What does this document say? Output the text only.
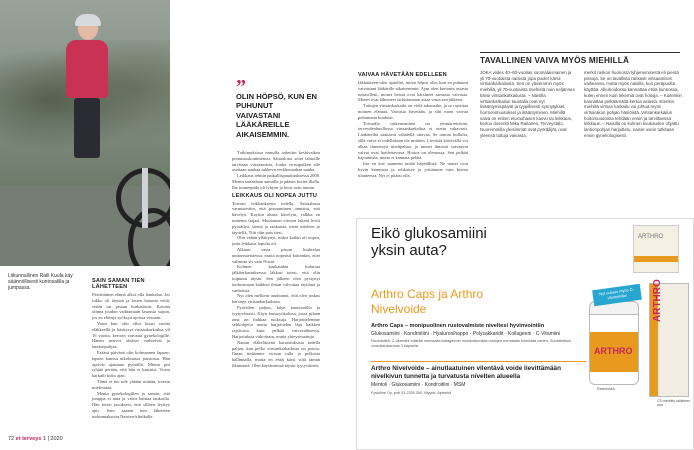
Liikunnallinen Raili Kuula käy säännöllisesti kuntosalilla ja jumpassa.
SAIN SAMAN TIEN LÄHETTEEN

Päivittäinen elämä alkoi olla hankalaa. Jos rukko oli täynnä ja lasten hanasta vettä, seisin sat pisaan kurkattavat. Kotona olinna joudun vaihtamaan lasausia sujuin, jos en ehtinyt syöksyä ajoissa vessaan.

Vasta kun olin ollut kuusi vuotta eläkkeellä ja käsitysyt virtsankarkailua yli 16 vuotta, kerroin vaivasta gynekologille. Hänen neuvot alukset vaihtoivat ja lantionpohjaa.

Erääsä päivänä olin kolmannen lapsen-lapsen kanssa uikolmassa puistossa. Hän oprivät ajamaan pyörällä. Minun piti tyhjää perään, että hän ei kaatuisi. Virtsa karkaili koko ajan.

Tämä ei tuo tule yhtään mitään, totesin mielessäni.

Menin gynekologillen ja sanoin, että jumppa ei auta ja vaiva haittaa taukoilla. Hän totesi jaouksesi, että sillävn leyttyy apu. Sain saman tien lähetteen turkinmaksutta Naisten-klinikalle.

”
OLIN HÖPSÖ, KUN EN PUHUNUT VAIVASTANI LÄÄKÄREILLE AIKAISEMMIN.

Tutkimuksissa minulla todettiin keskivaikea ponnistuskontinenssi. Sairaaloiss sotoi lahtoille tarvitaan virtsaamista, Jonka virtsaputken alle asettaan nauhaa tukkeva verkkonauhan nauha.

Leikkaus tehtiin paikallispuudutuksessa 2008. Menin sairaalaan aamulla ja pääsin kotiin illalla. Ihe toimenpide oli lyhyen ja kesti noin tunnin.

LEIKKAUS OLI NOPEA JUTTU

Toivain leikkauksesta todella. Sairaalassa varmistettiin, että pissaaminen onnistui, että kävelyä. Kaytiin alusta kävelyin, valkka en tuntenut tarjasi. Muutaman vitosen lukeni leviti pyöräilyä, sieniä ja rankaisia, meni mieleen jo täyttellä, Tiiti olin pois tiesi.

Olin vähän yllättynyt, miksi kaikki oli nopea, juttu leikkaus lopulta oli.

Alkuun vasta pissan lirahtelua unitonnaettaessa, mutta nopeasti kuitenkin, ettei valmista sis vain Niistä.

Kolmen kuukauden kuluttua jälkitarkastuksessa läkkari totesi, että olin toipunut täysin. Sen jälkeen olen pystynyt tuohoamaan kaikkea ilman valvottaa täyttönä ja vanhoista.

Nyt olen melkein unohtanut, että olen joskus kärsinyt virtsankarkailusta.

Pyöräilen paljon, käyn kuntosalilla ja tyytyväisesti. Käyn kuntoyökalissa, jossa pilaan aina on tiukkaa tuoksuja. Harjoittelemme selikohjeita mutta harjoittelen läpi kaikkea rajoitusta kuin pelkää vaivavaiheessa. Harjoituksia viikoittain, mutta yhteysesaatuja.

Nautin eläkeläisenä harrastuksista todella paljon, kun pelko virtsankarkailusta on poissa. Ilman tiedämme virtsan tulla ja pelkosta hallinnalla, mutta en enää kärsi siitä tämän ilkinnastä. Olen käytännössä täysin tyytyväinen.

VAIVAA HÄVETÄÄN EDELLEEN

Iäkkääseen-olen ajatellut, miten höpsö olin, kun en puhunut vaivastani lääkärille aikaisemmin. Ajan olen kertonut asiasta tuttavilleni, monet heistä ovat kärsineet samasta vaivasta. Monet ovat lähteneet tarkistamaan asiaa vasta sen jälkeen.

Tuttujen virtsankarkailu on vielä tabuuaihe, ja se rajoittaa monien elämää. Vaivasta hävetään, ja silti moni vaivaa puhumatta kuuluisi.

Toivaalla vaikeneminen on ymmärrettävää, terveydenhuollossa virtsankarkailua ei otettu vakavasti. Lääkäreiltä saattavat vähätellä ottavaa, Se tuntuu hullulta, sillä vaiva ei todellakaan ole mitätön. Lievästä kärsivällä voi alkaa ilmeentyä mielipahaa, ja monet ihmisiä vaivaavat vaivat ovat hoidettavissa. Hoitoa on olemassa. Sen pelkää hajoamista, mutta ei kannata pelätä.

Itse en koe saaneeni mitää häpeällistä. Ne naiset ovat hyvin kunnossa ja rohkaisee ja yrittämme vain kertoa tilanteesta. Nyt ei pitäisi olla.

TAVALLINEN VAIVA MYÖS MIEHILLÄ
JOKA viides 40–60-vuotias suomalaisnainen ja yli 70-vuotiaista naisista jopa puolet kärsii virtsankarkailusta. Sen on yleisimmin myös miehillä, yli 70-vuotiaista miehistä noin neljännes kärsii virtsankarkailusta. – Naisilla virtsankarkailun taustalla ovat nyt lisääntymispäivät ja tyypillisesti synnytykset, hormonimuutokset ja ikääntyminen. Miehillä vaiva on eniten eturauhasen kasvu tai leikkaus, kertoo dosentti Mika Raitanen, Terveystalo. Nuoremmilla yleisimmät ovat pyöräilijät, ovat yleensä tuttuja vaivasta.
merkit raskon huonosta tyhjenemisestä eli pieniä pissoja. Se on tavallista rankasti virtsaamisen vaiheessa, mutta myös naisilla, kun peräpuolta käyttää. Alkuhoidossa kannattaa etsiä kunnossa, kuten ennen kuin tekemiä ovat hoitoja. – Kuitenkin kannattaa pelkäämättä kertoa asiasta. Etenkin miehillä virtsan karkailu voi johtua myös virtsarakon pohjan häiriöistä. Virtsankarkailun hoitomuodoista tehdään ensin ja tarvittaessa leikkaus. – Naisilla on kolmen kuukauden ohjattu lantionpohjan harjoittelu, naiset usein tutkitaan ensin gynekologisesti.
Eikö glukosamiini yksin auta?
Arthro Caps ja Arthro Nivelvoide
Arthro Caps – monipuolinen rustovalmiste niveltesi hyvinvointiin
Glukosamiini · Kondroitiini · Hyaluronihappo · Polysakkaridit · Kollageeni · C-Vitamiini
Ravintolisä. C-vitamiini edistää normaalia kollageenin muodostumista rustojen normaalia toimintaa varten. Suositeltava vuorokausiannos 3 kapselia.
Arthro Nivelvoide – ainutlaatuinen vilentävä voide lievittämään nivelkivun tunnetta ja turvatusta nivelten alueella
Mentoli · Glukosamiini · Kondroitiini · MSM
Fysioline Oy, puh 03 2330 300, Myynti: Apteekit
ARTHRO
ARTHRO
Nyt uutuus myös C-vitamiinilla!	ARTHRO
Ravintolisä
C5 merkitty talisiteen osa
72 et terveys 1 | 2020
